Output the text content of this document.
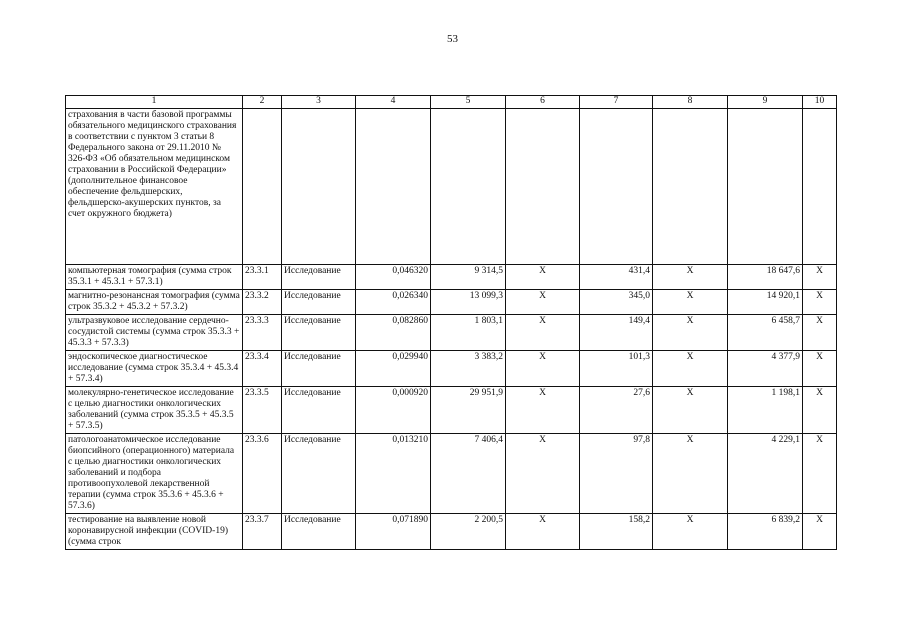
53
1	2	3	4	5	6	7	8	9	10
страхования в части базовой программы обязательного медицинского страхования в соответствии с пунктом 3 статьи 8 Федерального закона от 29.11.2010 № 326-ФЗ «Об обязательном медицинском страховании в Российской Федерации» (дополнительное финансовое обеспечение фельдшерских, фельдшерско-акушерских пунктов, за счет окружного бюджета)									
компьютерная томография (сумма строк 35.3.1 + 45.3.1 + 57.3.1)	23.3.1	Исследование	0,046320	9 314,5	X	431,4	X	18 647,6	X
магнитно-резонансная томография (сумма строк 35.3.2 + 45.3.2 + 57.3.2)	23.3.2	Исследование	0,026340	13 099,3	X	345,0	X	14 920,1	X
ультразвуковое исследование сердечно-сосудистой системы (сумма строк 35.3.3 + 45.3.3 + 57.3.3)	23.3.3	Исследование	0,082860	1 803,1	X	149,4	X	6 458,7	X
эндоскопическое диагностическое исследование (сумма строк 35.3.4 + 45.3.4 + 57.3.4)	23.3.4	Исследование	0,029940	3 383,2	X	101,3	X	4 377,9	X
молекулярно-генетическое исследование с целью диагностики онкологических заболеваний (сумма строк 35.3.5 + 45.3.5 + 57.3.5)	23.3.5	Исследование	0,000920	29 951,9	X	27,6	X	1 198,1	X
патологоанатомическое исследование биопсийного (операционного) материала с целью диагностики онкологических заболеваний и подбора противоопухолевой лекарственной терапии (сумма строк 35.3.6 + 45.3.6 + 57.3.6)	23.3.6	Исследование	0,013210	7 406,4	X	97,8	X	4 229,1	X
тестирование на выявление новой коронавирусной инфекции (COVID-19) (сумма строк	23.3.7	Исследование	0,071890	2 200,5	X	158,2	X	6 839,2	X
